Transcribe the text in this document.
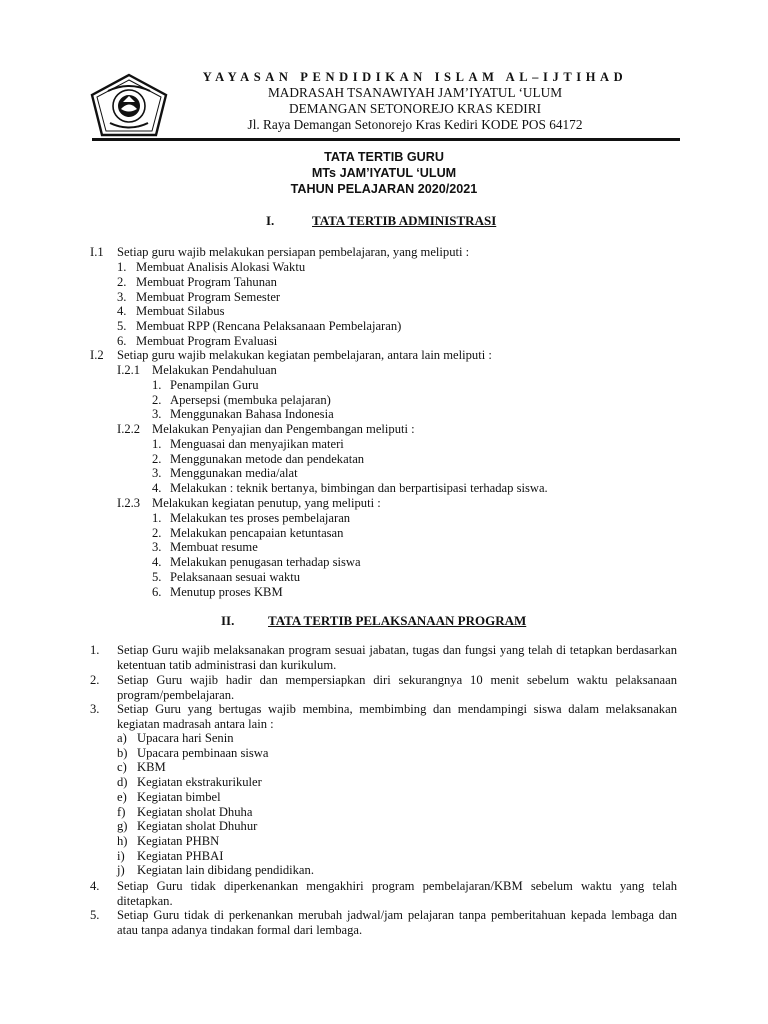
YAYASAN PENDIDIKAN ISLAM AL–IJTIHAD
MADRASAH TSANAWIYAH JAM’IYATUL ‘ULUM
DEMANGAN SETONOREJO KRAS KEDIRI
Jl. Raya Demangan Setonorejo Kras Kediri KODE POS 64172
TATA TERTIB GURU
MTs JAM’IYATUL ‘ULUM
TAHUN PELAJARAN 2020/2021
I.	TATA TERTIB ADMINISTRASI
I.1 Setiap guru wajib melakukan persiapan pembelajaran, yang meliputi :
1. Membuat Analisis Alokasi Waktu
2. Membuat Program Tahunan
3. Membuat Program Semester
4. Membuat Silabus
5. Membuat RPP (Rencana Pelaksanaan Pembelajaran)
6. Membuat Program Evaluasi
I.2 Setiap guru wajib melakukan kegiatan pembelajaran, antara lain meliputi :
I.2.1 Melakukan Pendahuluan
1. Penampilan Guru
2. Apersepsi (membuka pelajaran)
3. Menggunakan Bahasa Indonesia
I.2.2 Melakukan Penyajian dan Pengembangan meliputi :
1. Menguasai dan menyajikan materi
2. Menggunakan metode dan pendekatan
3. Menggunakan media/alat
4. Melakukan : teknik bertanya, bimbingan dan berpartisipasi terhadap siswa.
I.2.3 Melakukan kegiatan penutup, yang meliputi :
1. Melakukan tes proses pembelajaran
2. Melakukan pencapaian ketuntasan
3. Membuat resume
4. Melakukan penugasan terhadap siswa
5. Pelaksanaan sesuai waktu
6. Menutup proses KBM
II.	TATA TERTIB PELAKSANAAN PROGRAM
1. Setiap Guru wajib melaksanakan program sesuai jabatan, tugas dan fungsi yang telah di tetapkan berdasarkan ketentuan tatib administrasi dan kurikulum.
2. Setiap Guru wajib hadir dan mempersiapkan diri sekurangnya 10 menit sebelum waktu pelaksanaan program/pembelajaran.
3. Setiap Guru yang bertugas wajib membina, membimbing dan mendampingi siswa dalam melaksanakan kegiatan madrasah antara lain :
a) Upacara hari Senin
b) Upacara pembinaan siswa
c) KBM
d) Kegiatan ekstrakurikuler
e) Kegiatan bimbel
f) Kegiatan sholat Dhuha
g) Kegiatan sholat Dhuhur
h) Kegiatan PHBN
i) Kegiatan PHBAI
j) Kegiatan lain dibidang pendidikan.
4. Setiap Guru tidak diperkenankan mengakhiri program pembelajaran/KBM sebelum waktu yang telah ditetapkan.
5. Setiap Guru tidak di perkenankan merubah jadwal/jam pelajaran tanpa pemberitahuan kepada lembaga dan atau tanpa adanya tindakan formal dari lembaga.
